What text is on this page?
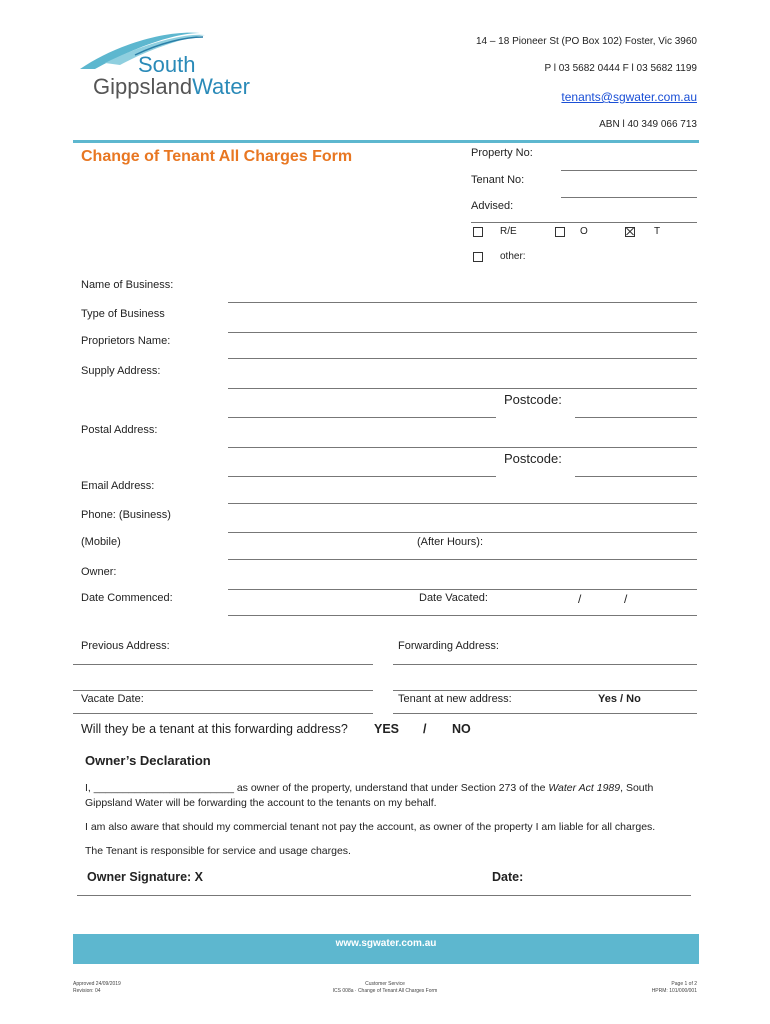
South
GippslandWater
14 – 18 Pioneer St (PO Box 102) Foster, Vic 3960
P l 03 5682 0444 F l 03 5682 1199
tenants@sgwater.com.au
ABN l 40 349 066 713
Change of Tenant All Charges Form	Property No:
Tenant No:
Advised:
R/E	O	T
other:
Name of Business:
Type of Business
Proprietors Name:
Supply Address:
Postcode:
Postal Address:
Postcode:
Email Address:
Phone: (Business)
(Mobile)	(After Hours):
Owner:
Date Commenced:	Date Vacated:	/	/
Previous Address:	Forwarding Address:
Vacate Date:	Tenant at new address:	Yes / No
Will they be a tenant at this forwarding address? YES / NO
Owner’s Declaration
I, ________________________ as owner of the property, understand that under Section 273 of the Water Act 1989, South
Gippsland Water will be forwarding the account to the tenants on my behalf.
I am also aware that should my commercial tenant not pay the account, as owner of the property I am liable for all charges.
The Tenant is responsible for service and usage charges.
Owner Signature: X	Date:
www.sgwater.com.au
Approved 24/09/2019
Revision: 04
Customer Service
ICS 008a · Change of Tenant All Charges Form
Page 1 of 2
HPRM: 101/000/001
